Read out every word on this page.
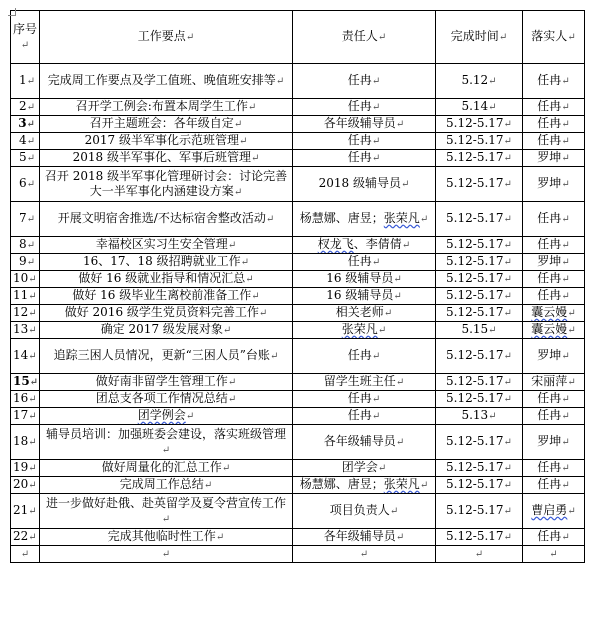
序号↵	工作要点↵	责任人↵	完成时间↵	落实人↵
1↵	完成周工作要点及学工值班、晚值班安排等↵	任冉↵	5.12↵	任冉↵
2↵	召开学工例会:布置本周学生工作↵	任冉↵	5.14↵	任冉↵
3↵	召开主题班会：各年级自定↵	各年级辅导员↵	5.12-5.17↵	任冉↵
4↵	2017 级半军事化示范班管理↵	任冉↵	5.12-5.17↵	任冉↵
5↵	2018 级半军事化、军事后班管理↵	任冉↵	5.12-5.17↵	罗坤↵
6↵	召开 2018 级半军事化管理研讨会：讨论完善大一半军事化内涵建设方案↵	2018 级辅导员↵	5.12-5.17↵	罗坤↵
7↵	开展文明宿舍推选/不达标宿舍整改活动↵	杨慧娜、唐昱；张荣凡↵	5.12-5.17↵	任冉↵
8↵	幸福校区实习生安全管理↵	杈龙飞、李倩倩↵	5.12-5.17↵	任冉↵
9↵	16、17、18 级招聘就业工作↵	任冉↵	5.12-5.17↵	罗坤↵
10↵	做好 16 级就业指导和情况汇总↵	16 级辅导员↵	5.12-5.17↵	任冉↵
11↵	做好 16 级毕业生离校前准备工作↵	16 级辅导员↵	5.12-5.17↵	任冉↵
12↵	做好 2016 级学生党员资料完善工作↵	相关老师↵	5.12-5.17↵	囊云嫚↵
13↵	确定 2017 级发展对象↵	张荣凡↵	5.15↵	囊云嫚↵
14↵	追踪三困人员情况，更新“三困人员”台账↵	任冉↵	5.12-5.17↵	罗坤↵
15↵	做好南非留学生管理工作↵	留学生班主任↵	5.12-5.17↵	宋丽萍↵
16↵	团总支各项工作情况总结↵	任冉↵	5.12-5.17↵	任冉↵
17↵	团学例会↵	任冉↵	5.13↵	任冉↵
18↵	辅导员培训：加强班委会建设，落实班级管理↵	各年级辅导员↵	5.12-5.17↵	罗坤↵
19↵	做好周量化的汇总工作↵	团学会↵	5.12-5.17↵	任冉↵
20↵	完成周工作总结↵	杨慧娜、唐昱；张荣凡↵	5.12-5.17↵	任冉↵
21↵	进一步做好赴俄、赴英留学及夏令营宣传工作↵	项目负责人↵	5.12-5.17↵	曹启勇↵
22↵	完成其他临时性工作↵	各年级辅导员↵	5.12-5.17↵	任冉↵
↵	↵	↵	↵	↵
